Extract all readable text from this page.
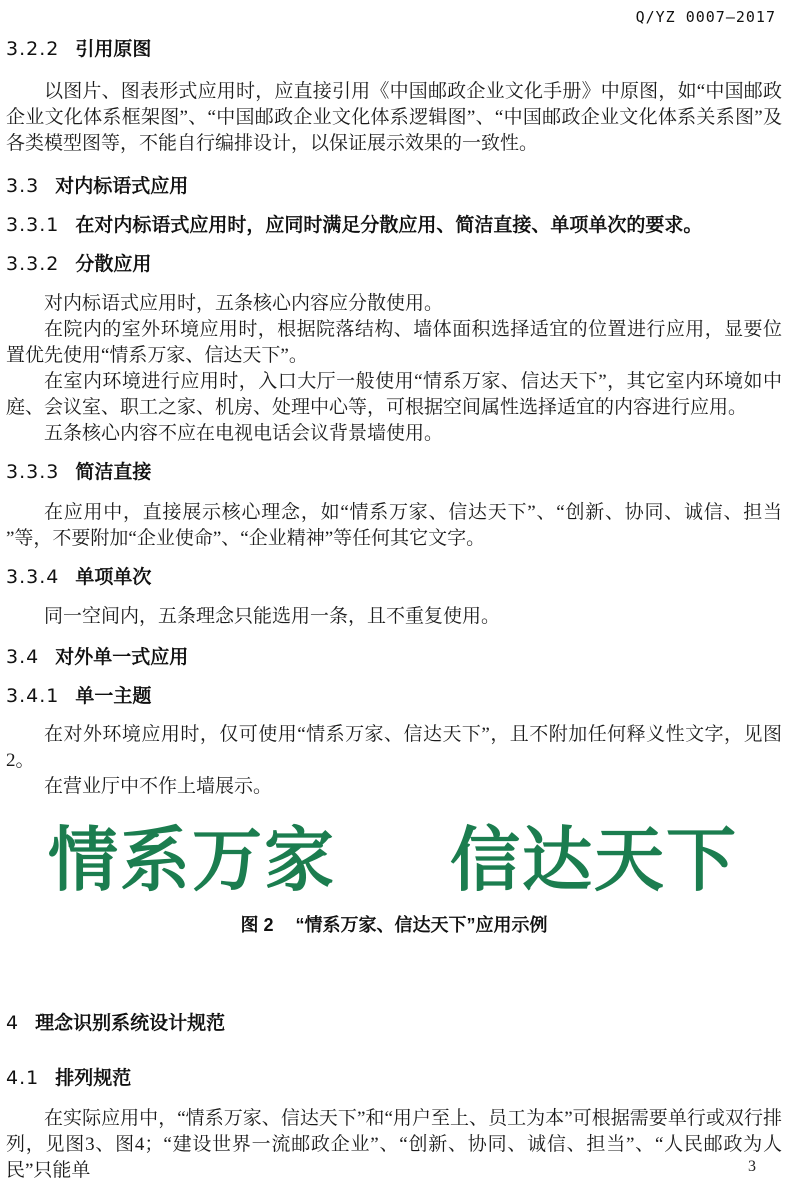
Q/YZ 0007—2017
3.2.2 引用原图

以图片、图表形式应用时，应直接引用《中国邮政企业文化手册》中原图，如“中国邮政企业文化体系框架图”、“中国邮政企业文化体系逻辑图”、“中国邮政企业文化体系关系图”及各类模型图等，不能自行编排设计，以保证展示效果的一致性。

3.3 对内标语式应用
3.3.1 在对内标语式应用时，应同时满足分散应用、简洁直接、单项单次的要求。
3.3.2 分散应用

对内标语式应用时，五条核心内容应分散使用。

在院内的室外环境应用时，根据院落结构、墙体面积选择适宜的位置进行应用，显要位置优先使用“情系万家、信达天下”。

在室内环境进行应用时，入口大厅一般使用“情系万家、信达天下”，其它室内环境如中庭、会议室、职工之家、机房、处理中心等，可根据空间属性选择适宜的内容进行应用。

五条核心内容不应在电视电话会议背景墙使用。

3.3.3 简洁直接

在应用中，直接展示核心理念，如“情系万家、信达天下”、“创新、协同、诚信、担当 ”等，不要附加“企业使命”、“企业精神”等任何其它文字。

3.3.4 单项单次

同一空间内，五条理念只能选用一条，且不重复使用。

3.4 对外单一式应用
3.4.1 单一主题

在对外环境应用时，仅可使用“情系万家、信达天下”，且不附加任何释义性文字，见图2。

在营业厅中不作上墙展示。

情系万家 信达天下
图 2 “情系万家、信达天下”应用示例
4 理念识别系统设计规范
4.1 排列规范

在实际应用中，“情系万家、信达天下”和“用户至上、员工为本”可根据需要单行或双行排列，见图3、图4；“建设世界一流邮政企业”、“创新、协同、诚信、担当”、“人民邮政为人民”只能单	3
